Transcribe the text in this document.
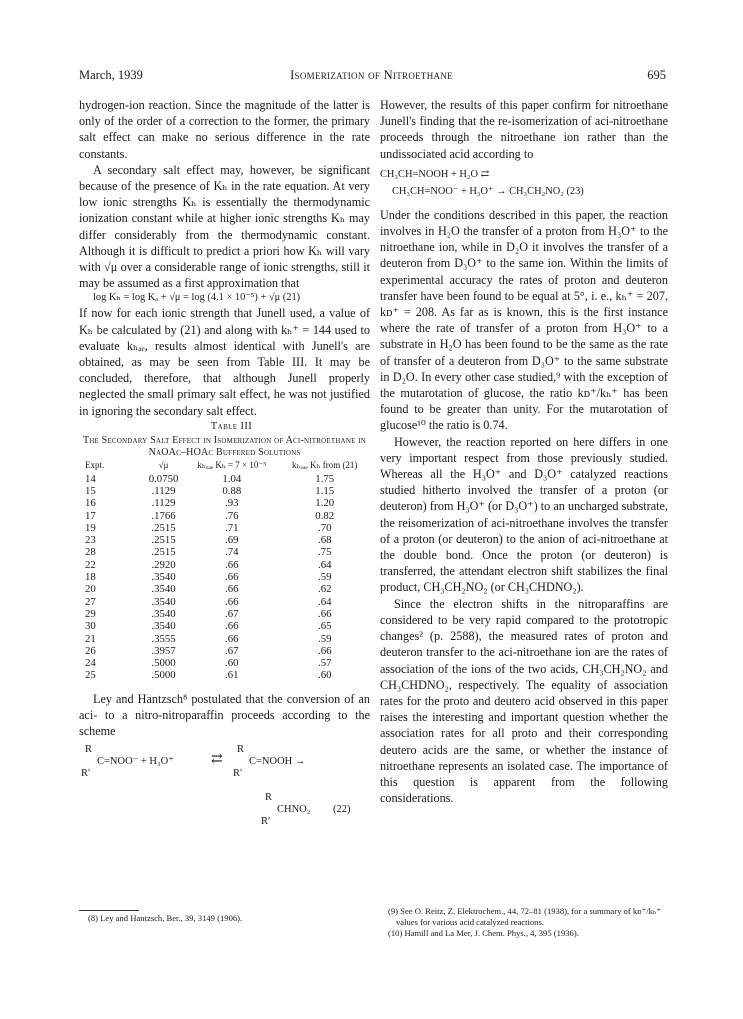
March, 1939	Isomerization of Nitroethane	695

hydrogen-ion reaction. Since the magnitude of the latter is only of the order of a correction to the former, the primary salt effect can make no serious difference in the rate constants.

A secondary salt effect may, however, be significant because of the presence of Kₕ in the rate equation. At very low ionic strengths Kₕ is essentially the thermodynamic ionization constant while at higher ionic strengths Kₕ may differ considerably from the thermodynamic constant. Although it is difficult to predict a priori how Kₕ will vary with √μ over a considerable range of ionic strengths, still it may be assumed as a first approximation that

log Kₕ = log Kₐ + √μ = log (4.1 × 10⁻⁵) + √μ (21)

If now for each ionic strength that Junell used, a value of Kₕ be calculated by (21) and along with kₕ⁺ = 144 used to evaluate kₕₐₑ, results almost identical with Junell's are obtained, as may be seen from Table III. It may be concluded, therefore, that although Junell properly neglected the small primary salt effect, he was not justified in ignoring the secondary salt effect.

Table III

The Secondary Salt Effect in Isomerization of Aci-nitroethane in NaOAc–HOAc Buffered Solutions
Expt.	√μ	kₕₒₐₑ Kₕ = 7 × 10⁻⁵	kₕₒₐₑ Kₕ from (21)
14	0.0750	1.04	1.75
15	.1129	0.88	1.15
16	.1129	.93	1.20
17	.1766	.76	0.82
19	.2515	.71	.70
23	.2515	.69	.68
28	.2515	.74	.75
22	.2920	.66	.64
18	.3540	.66	.59
20	.3540	.66	.62
27	.3540	.66	.64
29	.3540	.67	.66
30	.3540	.66	.65
21	.3555	.66	.59
26	.3957	.67	.66
24	.5000	.60	.57
25	.5000	.61	.60

Ley and Hantzsch⁸ postulated that the conversion of an aci- to a nitro-nitroparaffin proceeds according to the scheme

R
R′
C=NOO⁻ + H₃O⁺	⇄
R
R′
C=NOOH →
R
R′
CHNO₂ (22)

However, the results of this paper confirm for nitroethane Junell's finding that the re-isomerization of aci-nitroethane proceeds through the nitroethane ion rather than the undissociated acid according to

CH₃CH=NOOH + H₂O ⇄
CH₃CH=NOO⁻ + H₃O⁺ → CH₃CH₂NO₂ (23)

Under the conditions described in this paper, the reaction involves in H₂O the transfer of a proton from H₃O⁺ to the nitroethane ion, while in D₂O it involves the transfer of a deuteron from D₃O⁺ to the same ion. Within the limits of experimental accuracy the rates of proton and deuteron transfer have been found to be equal at 5°, i. e., kₕ⁺ = 207, kᴅ⁺ = 208. As far as is known, this is the first instance where the rate of transfer of a proton from H₃O⁺ to a substrate in H₂O has been found to be the same as the rate of transfer of a deuteron from D₃O⁺ to the same substrate in D₂O. In every other case studied,⁹ with the exception of the mutarotation of glucose, the ratio kᴅ⁺/kₕ⁺ has been found to be greater than unity. For the mutarotation of glucose¹⁰ the ratio is 0.74.

However, the reaction reported on here differs in one very important respect from those previously studied. Whereas all the H₃O⁺ and D₃O⁺ catalyzed reactions studied hitherto involved the transfer of a proton (or deuteron) from H₃O⁺ (or D₃O⁺) to an uncharged substrate, the reisomerization of aci-nitroethane involves the transfer of a proton (or deuteron) to the anion of aci-nitroethane at the double bond. Once the proton (or deuteron) is transferred, the attendant electron shift stabilizes the final product, CH₃CH₂NO₂ (or CH₃CHDNO₂).

Since the electron shifts in the nitroparaffins are considered to be very rapid compared to the prototropic changes² (p. 2588), the measured rates of proton and deuteron transfer to the aci-nitroethane ion are the rates of association of the ions of the two acids, CH₃CH₂NO₂ and CH₃CHDNO₂, respectively. The equality of association rates for the proto and deutero acid observed in this paper raises the interesting and important question whether the association rates for all proto and their corresponding deutero acids are the same, or whether the instance of nitroethane represents an isolated case. The importance of this question is apparent from the following considerations.

(8) Ley and Hantzsch, Ber., 39, 3149 (1906).
(9) See O. Reitz, Z. Elektrochem., 44, 72–81 (1938), for a summary of kᴅ⁺/kₕ⁺ values for various acid catalyzed reactions.
(10) Hamill and La Mer, J. Chem. Phys., 4, 395 (1936).
